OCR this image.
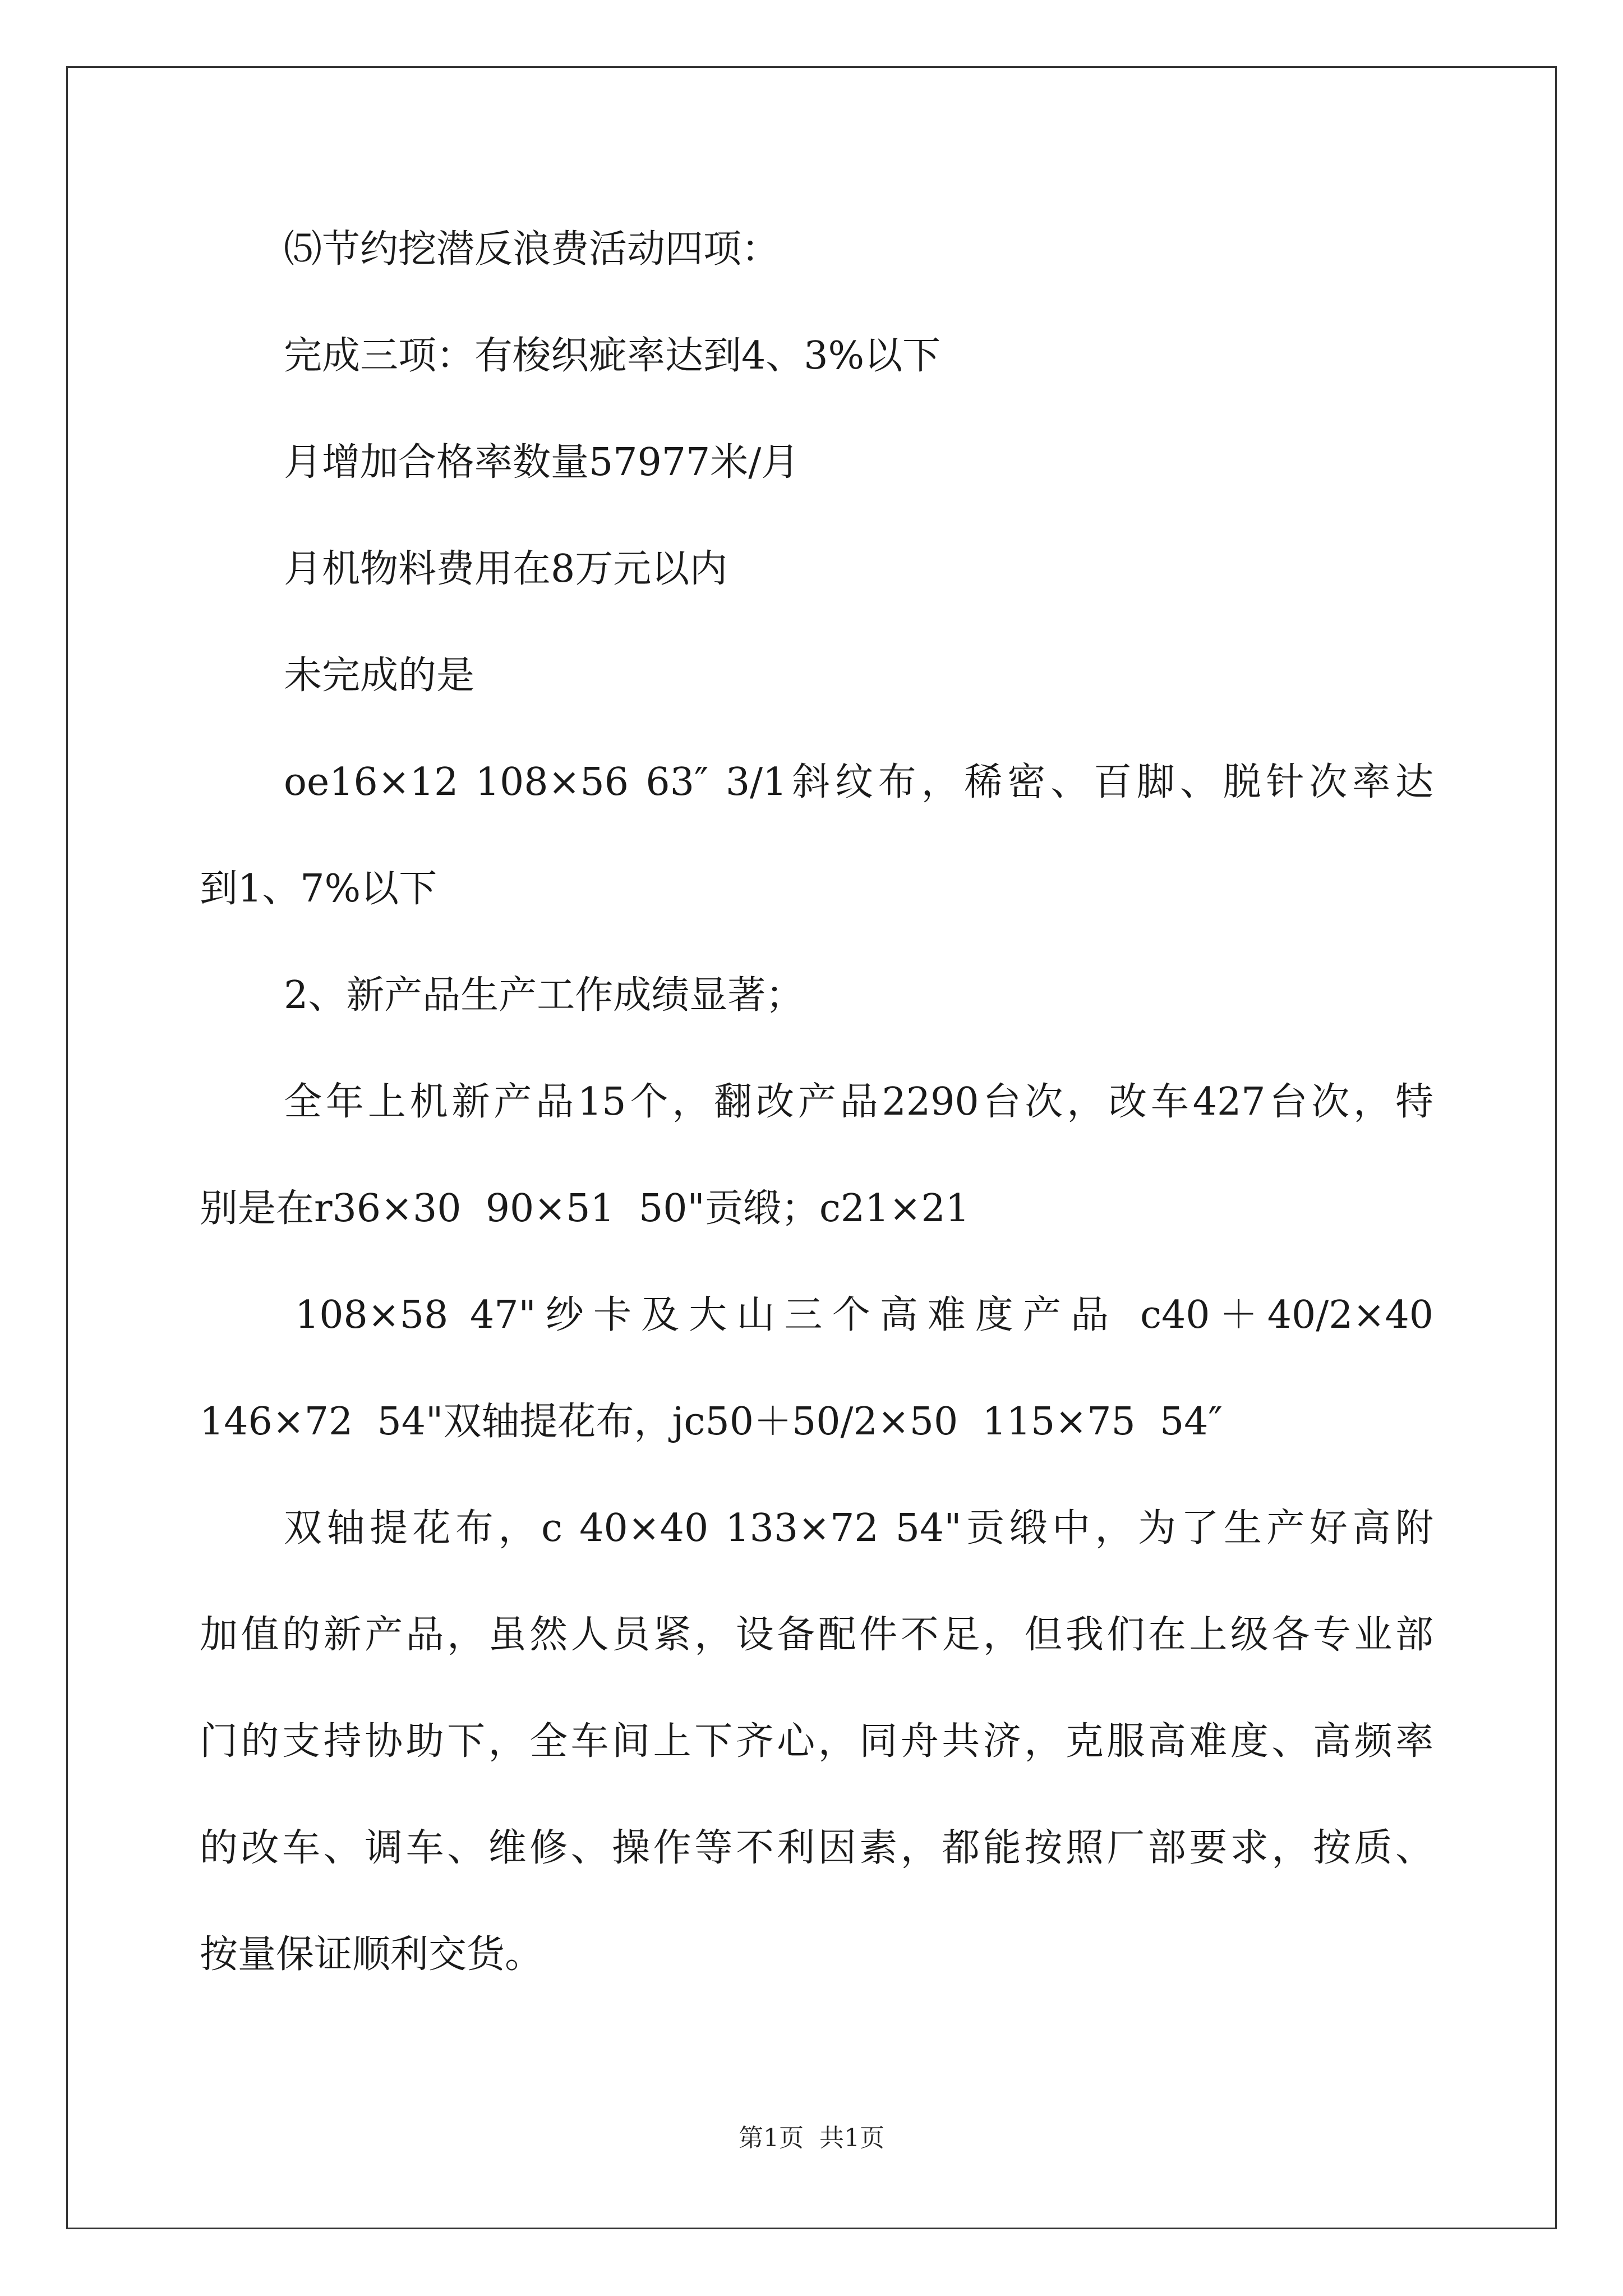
⑸节约挖潜反浪费活动四项：

完成三项：有梭织疵率达到4、3%以下

月增加合格率数量57977米/月

月机物料费用在8万元以内

未完成的是

oe16×12 108×56 63″ 3/1斜纹布，稀密、百脚、脱针次率达

到1、7%以下

2、新产品生产工作成绩显著；

全年上机新产品15个，翻改产品2290台次，改车427台次，特

别是在r36×30  90×51  50"贡缎；c21×21

108×58 47"纱卡及大山三个高难度产品 c40＋40/2×40

146×72  54"双轴提花布，jc50＋50/2×50  115×75  54″

双轴提花布，c 40×40 133×72 54"贡缎中，为了生产好高附

加值的新产品，虽然人员紧，设备配件不足，但我们在上级各专业部

门的支持协助下，全车间上下齐心，同舟共济，克服高难度、高频率

的改车、调车、维修、操作等不利因素，都能按照厂部要求，按质、

按量保证顺利交货。

第1页  共1页
